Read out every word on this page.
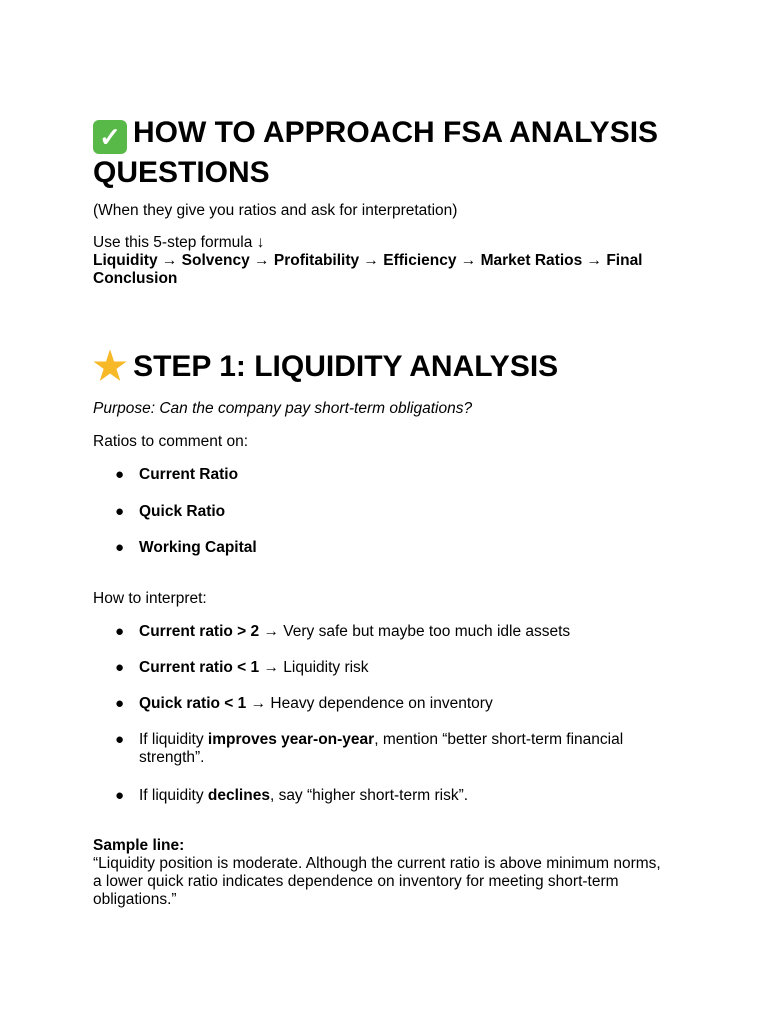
✓ HOW TO APPROACH FSA ANALYSIS QUESTIONS

(When they give you ratios and ask for interpretation)

Use this 5-step formula ↓

Liquidity → Solvency → Profitability → Efficiency → Market Ratios → Final Conclusion

★ STEP 1: LIQUIDITY ANALYSIS

Purpose: Can the company pay short-term obligations?

Ratios to comment on:

● Current Ratio
● Quick Ratio
● Working Capital

How to interpret:

● Current ratio > 2 → Very safe but maybe too much idle assets
● Current ratio < 1 → Liquidity risk
● Quick ratio < 1 → Heavy dependence on inventory
● If liquidity improves year-on-year, mention “better short-term financial strength”.
● If liquidity declines, say “higher short-term risk”.

Sample line:

“Liquidity position is moderate. Although the current ratio is above minimum norms, a lower quick ratio indicates dependence on inventory for meeting short-term obligations.”
